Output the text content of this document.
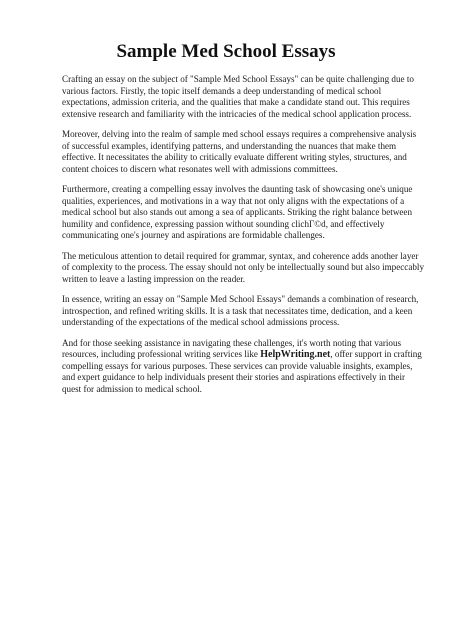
Sample Med School Essays

Crafting an essay on the subject of "Sample Med School Essays" can be quite challenging due to various factors. Firstly, the topic itself demands a deep understanding of medical school expectations, admission criteria, and the qualities that make a candidate stand out. This requires extensive research and familiarity with the intricacies of the medical school application process.

Moreover, delving into the realm of sample med school essays requires a comprehensive analysis of successful examples, identifying patterns, and understanding the nuances that make them effective. It necessitates the ability to critically evaluate different writing styles, structures, and content choices to discern what resonates well with admissions committees.

Furthermore, creating a compelling essay involves the daunting task of showcasing one's unique qualities, experiences, and motivations in a way that not only aligns with the expectations of a medical school but also stands out among a sea of applicants. Striking the right balance between humility and confidence, expressing passion without sounding clichГ©d, and effectively communicating one's journey and aspirations are formidable challenges.

The meticulous attention to detail required for grammar, syntax, and coherence adds another layer of complexity to the process. The essay should not only be intellectually sound but also impeccably written to leave a lasting impression on the reader.

In essence, writing an essay on "Sample Med School Essays" demands a combination of research, introspection, and refined writing skills. It is a task that necessitates time, dedication, and a keen understanding of the expectations of the medical school admissions process.

And for those seeking assistance in navigating these challenges, it's worth noting that various resources, including professional writing services like HelpWriting.net, offer support in crafting compelling essays for various purposes. These services can provide valuable insights, examples, and expert guidance to help individuals present their stories and aspirations effectively in their quest for admission to medical school.
